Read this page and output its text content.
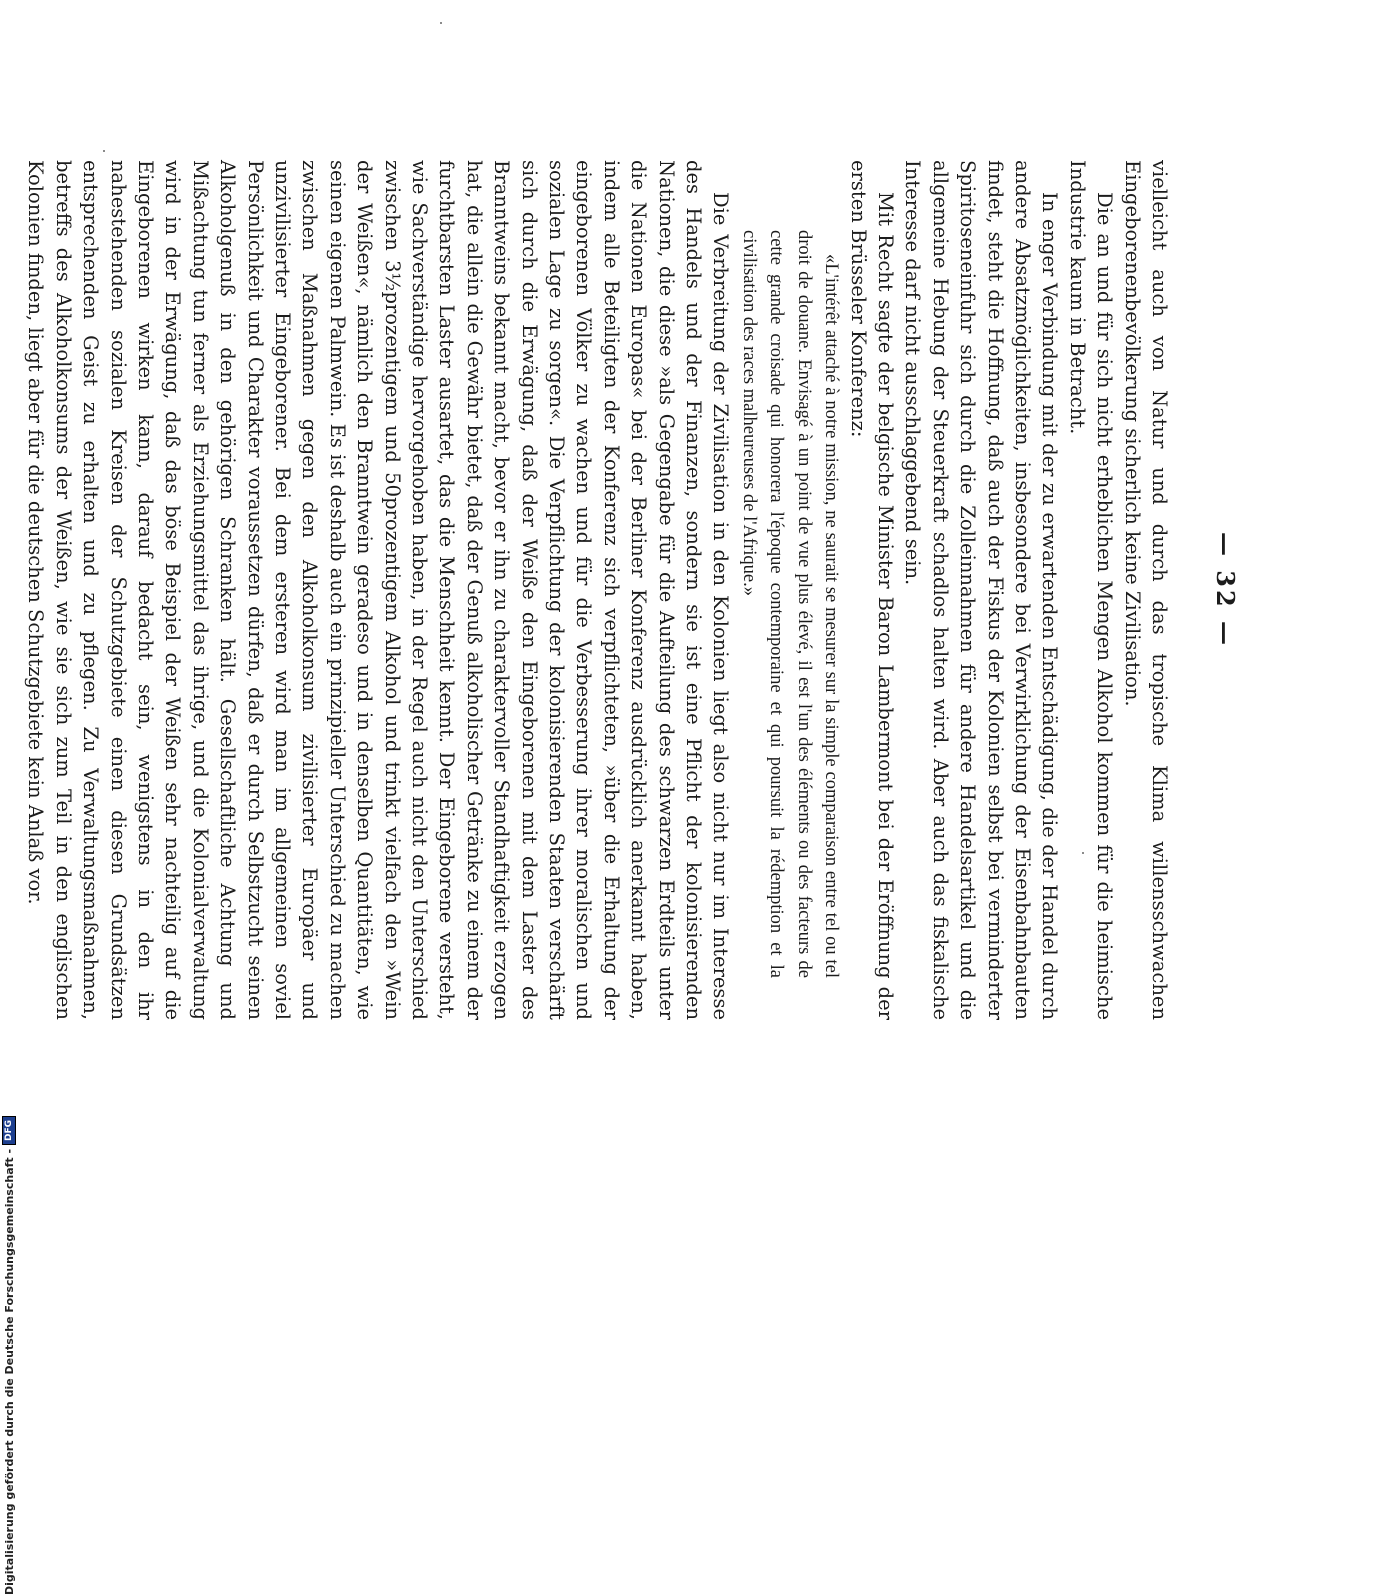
— 32 —

vielleicht auch von Natur und durch das tropische Klima willensschwachen Eingeborenenbevölkerung sicherlich keine Zivilisation.

Die an und für sich nicht erheblichen Mengen Alkohol kommen für die heimische Industrie kaum in Betracht.

In enger Verbindung mit der zu erwartenden Entschädigung, die der Handel durch andere Absatzmöglichkeiten, insbesondere bei Verwirklichung der Eisenbahnbauten findet, steht die Hoffnung, daß auch der Fiskus der Kolonien selbst bei verminderter Spiritoseneinfuhr sich durch die Zolleinnahmen für andere Handelsartikel und die allgemeine Hebung der Steuerkraft schadlos halten wird. Aber auch das fiskalische Interesse darf nicht ausschlaggebend sein.

Mit Recht sagte der belgische Minister Baron Lambermont bei der Eröffnung der ersten Brüsseler Konferenz:

«L'intérêt attaché à notre mission, ne saurait se mesurer sur la simple comparaison entre tel ou tel droit de douane. Envisagé à un point de vue plus élevé, il est l'un des éléments ou des facteurs de cette grande croisade qui honorera l'époque contemporaine et qui poursuit la rédemption et la civilisation des races malheureuses de l'Afrique.»

Die Verbreitung der Zivilisation in den Kolonien liegt also nicht nur im Interesse des Handels und der Finanzen, sondern sie ist eine Pflicht der kolonisierenden Nationen, die diese »als Gegengabe für die Aufteilung des schwarzen Erdteils unter die Nationen Europas« bei der Berliner Konferenz ausdrücklich anerkannt haben, indem alle Beteiligten der Konferenz sich verpflichteten, »über die Erhaltung der eingeborenen Völker zu wachen und für die Verbesserung ihrer moralischen und sozialen Lage zu sorgen«. Die Verpflichtung der kolonisierenden Staaten verschärft sich durch die Erwägung, daß der Weiße den Eingeborenen mit dem Laster des Branntweins bekannt macht, bevor er ihn zu charaktervoller Standhaftigkeit erzogen hat, die allein die Gewähr bietet, daß der Genuß alkoholischer Getränke zu einem der furchtbarsten Laster ausartet, das die Menschheit kennt. Der Eingeborene versteht, wie Sachverständige hervorgehoben haben, in der Regel auch nicht den Unterschied zwischen 3½prozentigem und 50prozentigem Alkohol und trinkt vielfach den »Wein der Weißen«, nämlich den Branntwein geradeso und in denselben Quantitäten, wie seinen eigenen Palmwein. Es ist deshalb auch ein prinzipieller Unterschied zu machen zwischen Maßnahmen gegen den Alkoholkonsum zivilisierter Europäer und unzivilisierter Eingeborener. Bei dem ersteren wird man im allgemeinen soviel Persönlichkeit und Charakter voraussetzen dürfen, daß er durch Selbstzucht seinen Alkoholgenuß in den gehörigen Schranken hält. Gesellschaftliche Achtung und Mißachtung tun ferner als Erziehungsmittel das ihrige, und die Kolonialverwaltung wird in der Erwägung, daß das böse Beispiel der Weißen sehr nachteilig auf die Eingeborenen wirken kann, darauf bedacht sein, wenigstens in den ihr nahestehenden sozialen Kreisen der Schutzgebiete einen diesen Grundsätzen entsprechenden Geist zu erhalten und zu pflegen. Zu Verwaltungsmaßnahmen, betreffs des Alkoholkonsums der Weißen, wie sie sich zum Teil in den englischen Kolonien finden, liegt aber für die deutschen Schutzgebiete kein Anlaß vor.

Digitalisierung gefördert durch die Deutsche Forschungsgemeinschaft -
DFG
